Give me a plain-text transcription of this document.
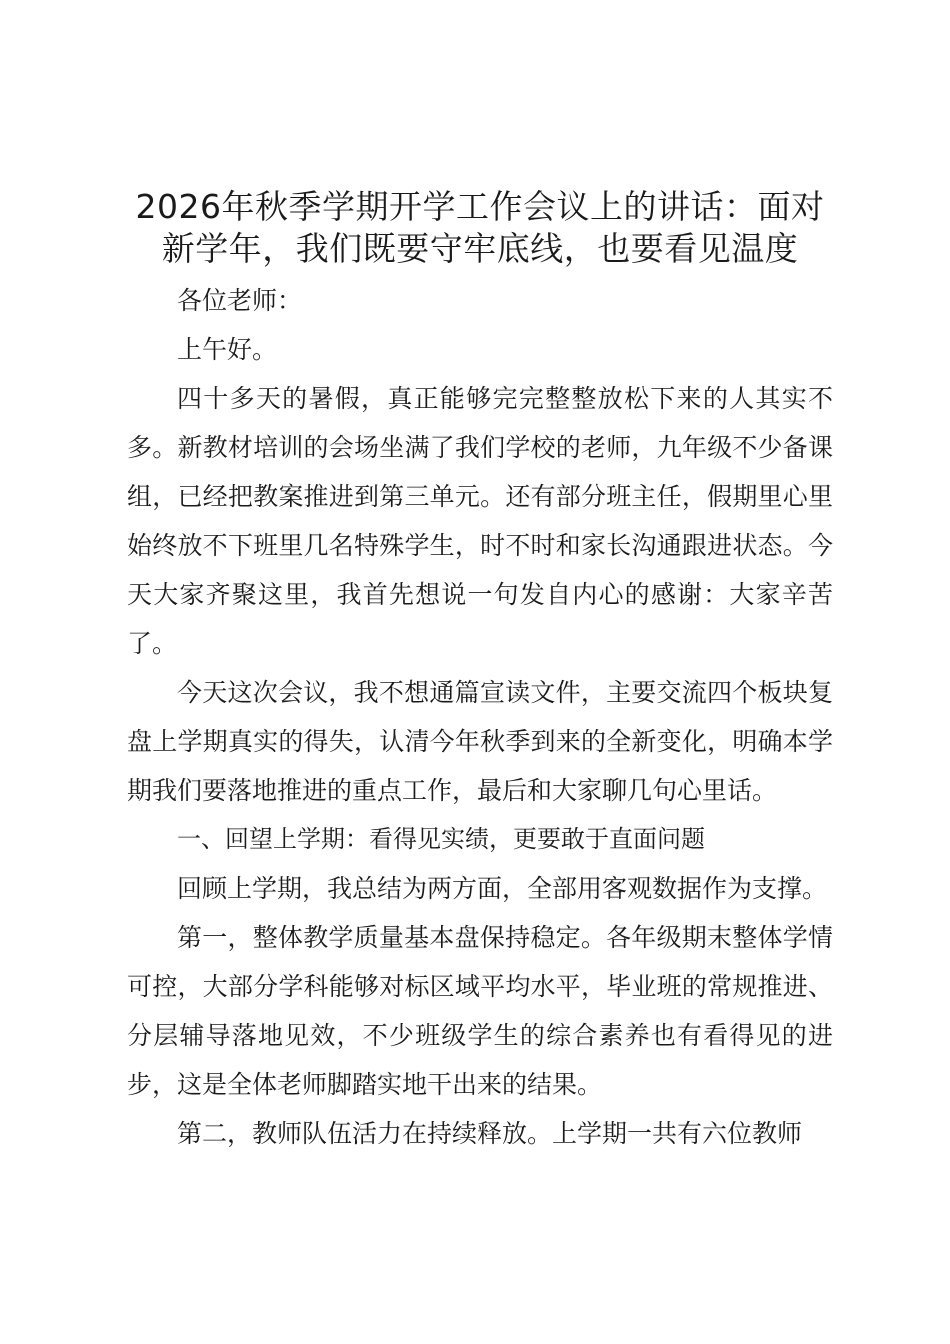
2026年秋季学期开学工作会议上的讲话：面对新学年，我们既要守牢底线，也要看见温度

各位老师：

上午好。

四十多天的暑假，真正能够完完整整放松下来的人其实不多。新教材培训的会场坐满了我们学校的老师，九年级不少备课组，已经把教案推进到第三单元。还有部分班主任，假期里心里始终放不下班里几名特殊学生，时不时和家长沟通跟进状态。今天大家齐聚这里，我首先想说一句发自内心的感谢：大家辛苦了。

今天这次会议，我不想通篇宣读文件，主要交流四个板块复盘上学期真实的得失，认清今年秋季到来的全新变化，明确本学期我们要落地推进的重点工作，最后和大家聊几句心里话。

一、回望上学期：看得见实绩，更要敢于直面问题

回顾上学期，我总结为两方面，全部用客观数据作为支撑。

第一，整体教学质量基本盘保持稳定。各年级期末整体学情可控，大部分学科能够对标区域平均水平，毕业班的常规推进、分层辅导落地见效，不少班级学生的综合素养也有看得见的进步，这是全体老师脚踏实地干出来的结果。

第二，教师队伍活力在持续释放。上学期一共有六位教师
